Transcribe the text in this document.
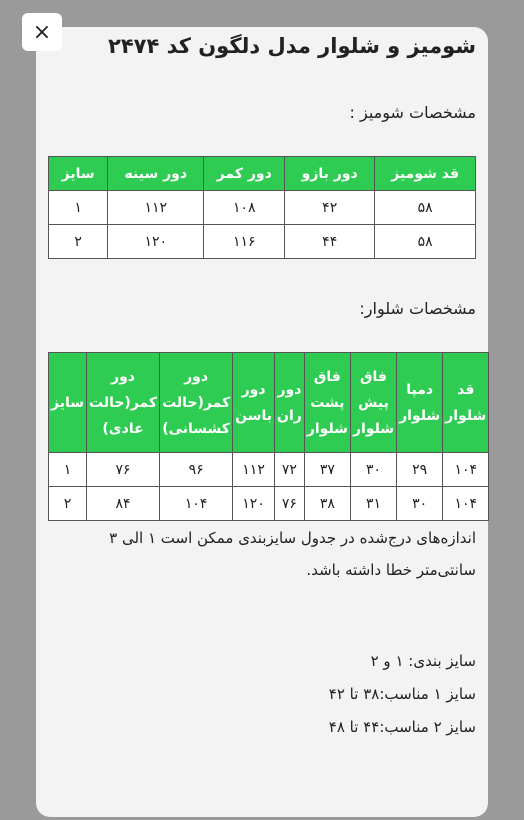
×
شومیز و شلوار مدل دلگون کد ۲۴۷۴
مشخصات شومیز :
قد شومیز	دور بازو	دور کمر	دور سینه	سایز
۵۸	۴۲	۱۰۸	۱۱۲	۱
۵۸	۴۴	۱۱۶	۱۲۰	۲
مشخصات شلوار:
قد شلوار	دمپا شلوار	فاق پیش شلوار	فاق پشت شلوار	دور ران	دور باسن	دور کمر(حالت کشسانی)	دور کمر(حالت عادی)	سایز
۱۰۴	۲۹	۳۰	۳۷	۷۲	۱۱۲	۹۶	۷۶	۱
۱۰۴	۳۰	۳۱	۳۸	۷۶	۱۲۰	۱۰۴	۸۴	۲
اندازه‌های درج‌شده در جدول سایزبندی ممکن است ۱ الی ۳ سانتی‌متر خطا داشته باشد.
سایز بندی: ۱ و ۲
سایز ۱ مناسب:۳۸ تا ۴۲
سایز ۲ مناسب:۴۴ تا ۴۸
